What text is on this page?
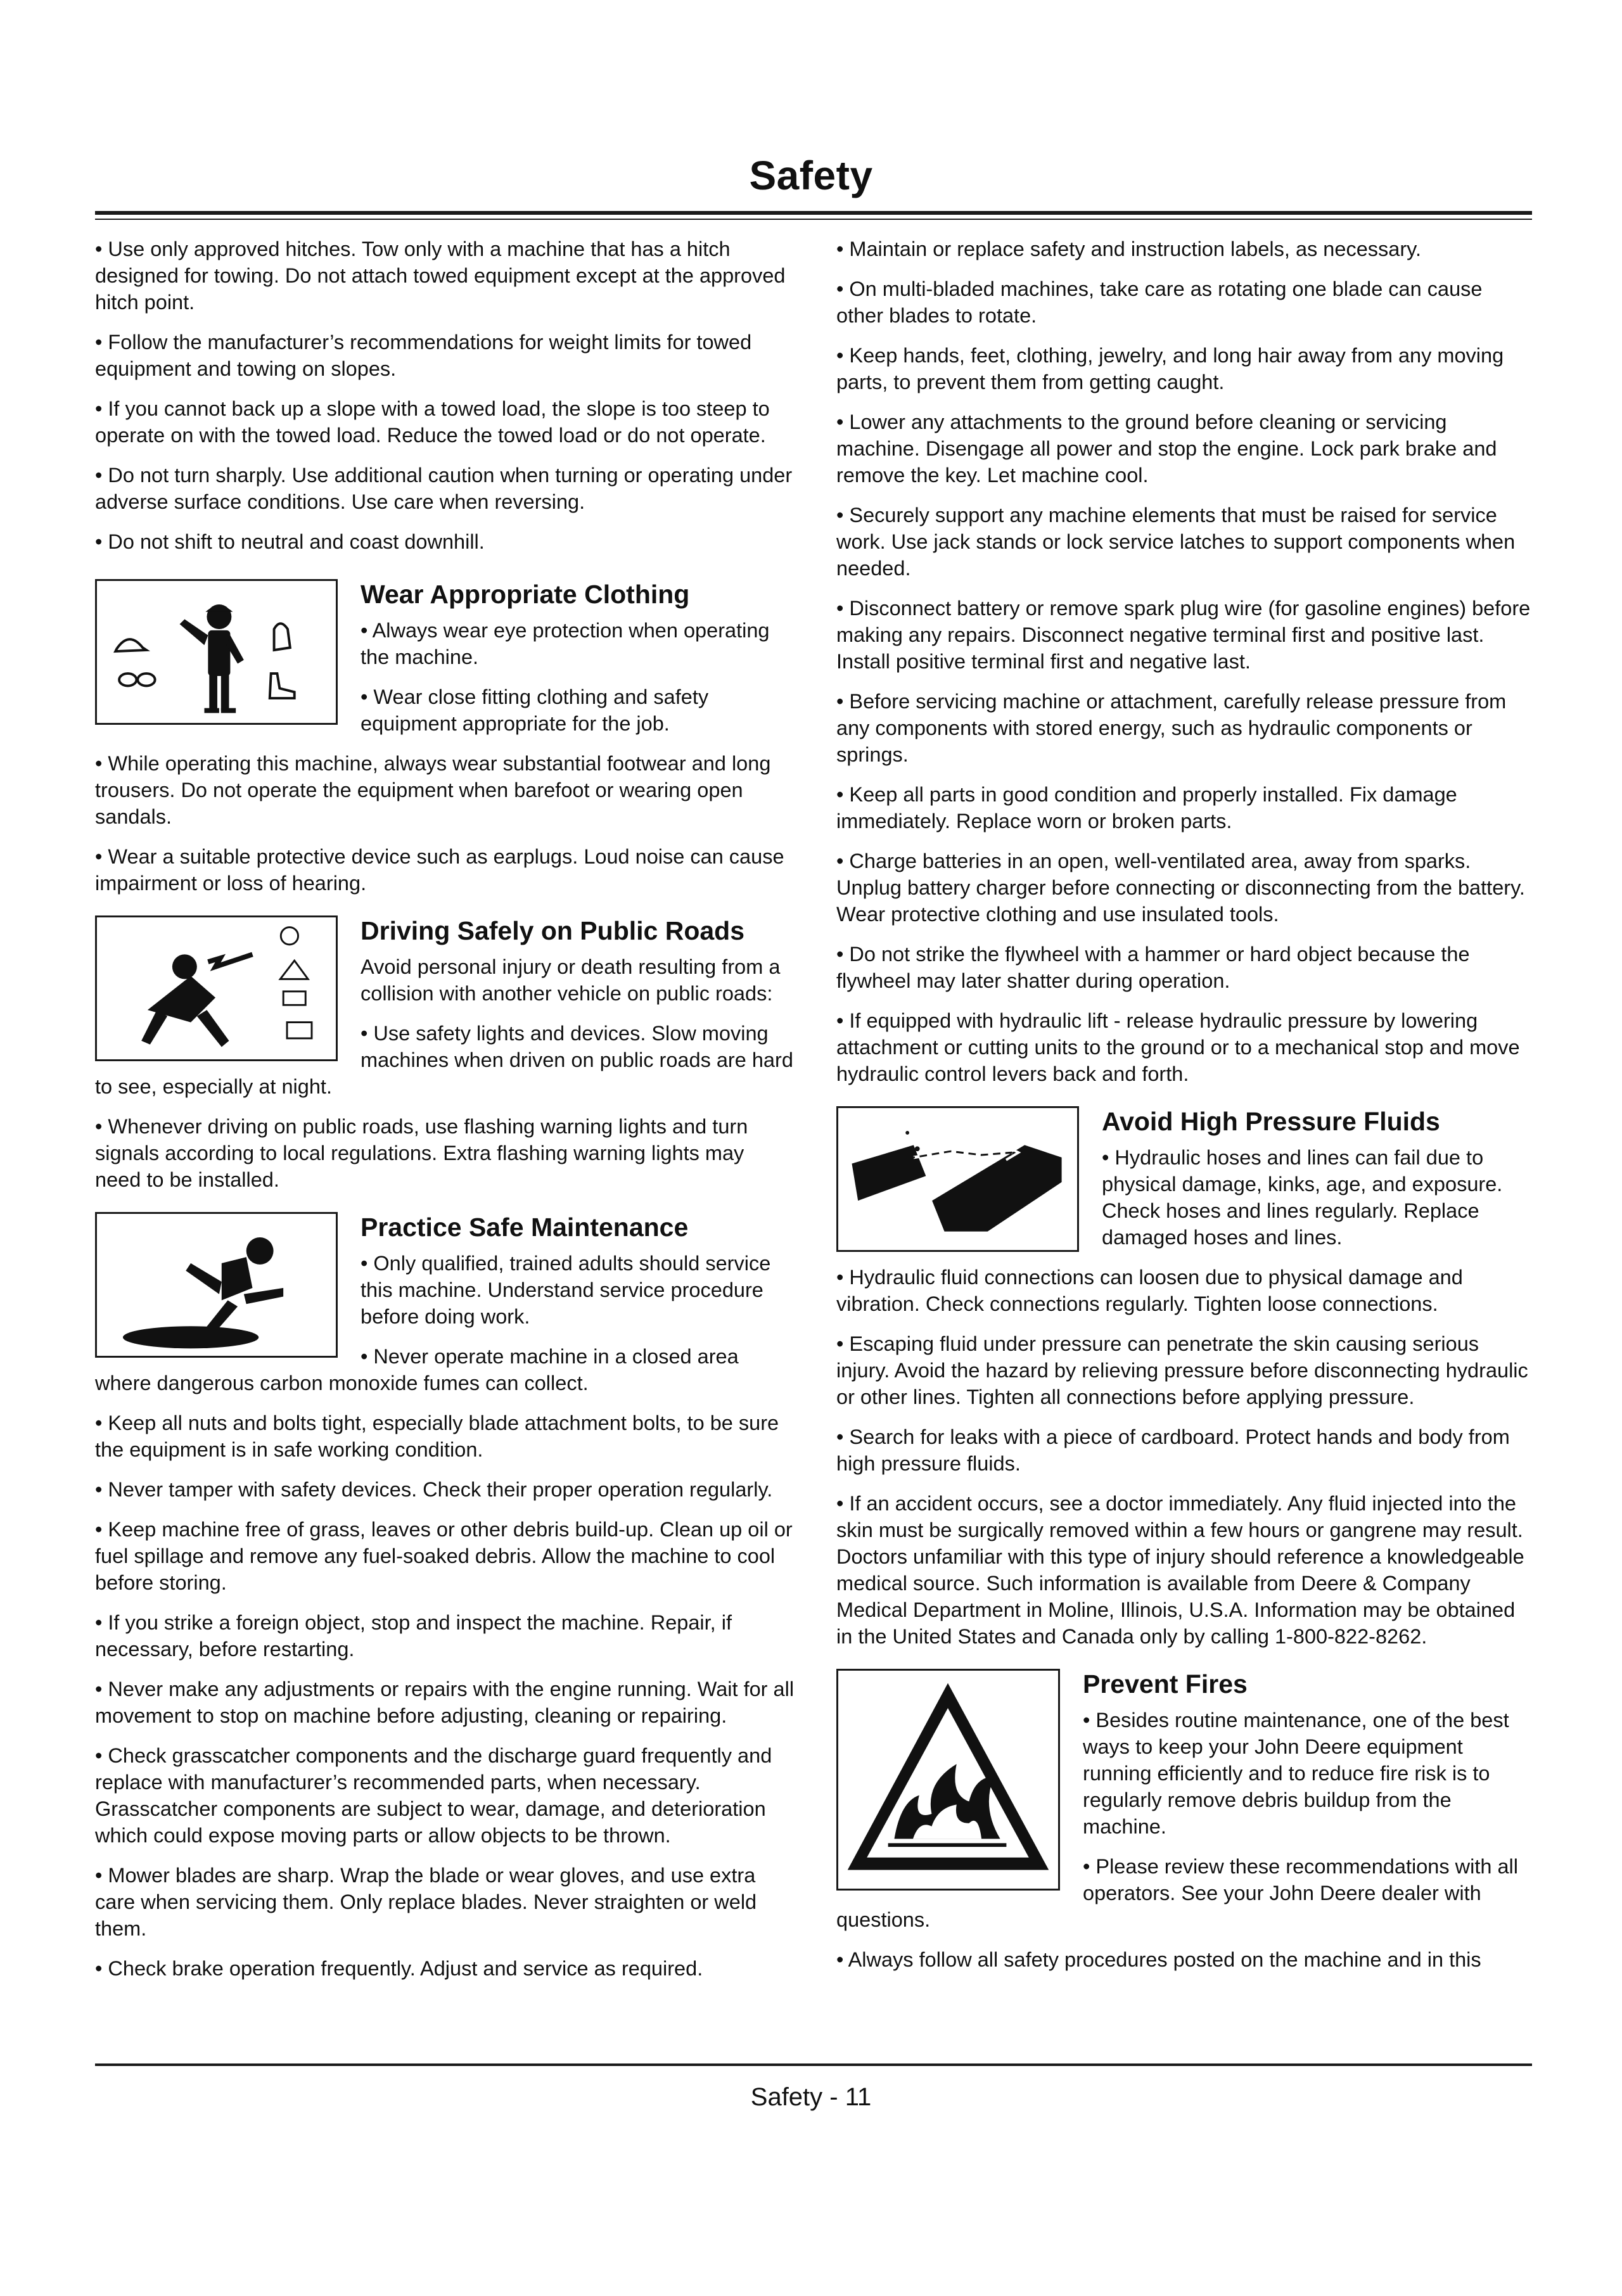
Safety

• Use only approved hitches. Tow only with a machine that has a hitch designed for towing. Do not attach towed equipment except at the approved hitch point.

• Follow the manufacturer’s recommendations for weight limits for towed equipment and towing on slopes.

• If you cannot back up a slope with a towed load, the slope is too steep to operate on with the towed load. Reduce the towed load or do not operate.

• Do not turn sharply. Use additional caution when turning or operating under adverse surface conditions. Use care when reversing.

• Do not shift to neutral and coast downhill.

Wear Appropriate Clothing

• Always wear eye protection when operating the machine.

• Wear close fitting clothing and safety equipment appropriate for the job.

• While operating this machine, always wear substantial footwear and long trousers. Do not operate the equipment when barefoot or wearing open sandals.

• Wear a suitable protective device such as earplugs. Loud noise can cause impairment or loss of hearing.

Driving Safely on Public Roads

Avoid personal injury or death resulting from a collision with another vehicle on public roads:

• Use safety lights and devices. Slow moving machines when driven on public roads are hard to see, especially at night.

• Whenever driving on public roads, use flashing warning lights and turn signals according to local regulations. Extra flashing warning lights may need to be installed.

Practice Safe Maintenance

• Only qualified, trained adults should service this machine. Understand service procedure before doing work.

• Never operate machine in a closed area where dangerous carbon monoxide fumes can collect.

• Keep all nuts and bolts tight, especially blade attachment bolts, to be sure the equipment is in safe working condition.

• Never tamper with safety devices. Check their proper operation regularly.

• Keep machine free of grass, leaves or other debris build-up. Clean up oil or fuel spillage and remove any fuel-soaked debris. Allow the machine to cool before storing.

• If you strike a foreign object, stop and inspect the machine. Repair, if necessary, before restarting.

• Never make any adjustments or repairs with the engine running. Wait for all movement to stop on machine before adjusting, cleaning or repairing.

• Check grasscatcher components and the discharge guard frequently and replace with manufacturer’s recommended parts, when necessary. Grasscatcher components are subject to wear, damage, and deterioration which could expose moving parts or allow objects to be thrown.

• Mower blades are sharp. Wrap the blade or wear gloves, and use extra care when servicing them. Only replace blades. Never straighten or weld them.

• Check brake operation frequently. Adjust and service as required.

• Maintain or replace safety and instruction labels, as necessary.

• On multi-bladed machines, take care as rotating one blade can cause other blades to rotate.

• Keep hands, feet, clothing, jewelry, and long hair away from any moving parts, to prevent them from getting caught.

• Lower any attachments to the ground before cleaning or servicing machine. Disengage all power and stop the engine. Lock park brake and remove the key. Let machine cool.

• Securely support any machine elements that must be raised for service work. Use jack stands or lock service latches to support components when needed.

• Disconnect battery or remove spark plug wire (for gasoline engines) before making any repairs. Disconnect negative terminal first and positive last. Install positive terminal first and negative last.

• Before servicing machine or attachment, carefully release pressure from any components with stored energy, such as hydraulic components or springs.

• Keep all parts in good condition and properly installed. Fix damage immediately. Replace worn or broken parts.

• Charge batteries in an open, well-ventilated area, away from sparks. Unplug battery charger before connecting or disconnecting from the battery. Wear protective clothing and use insulated tools.

• Do not strike the flywheel with a hammer or hard object because the flywheel may later shatter during operation.

• If equipped with hydraulic lift - release hydraulic pressure by lowering attachment or cutting units to the ground or to a mechanical stop and move hydraulic control levers back and forth.

Avoid High Pressure Fluids

• Hydraulic hoses and lines can fail due to physical damage, kinks, age, and exposure. Check hoses and lines regularly. Replace damaged hoses and lines.

• Hydraulic fluid connections can loosen due to physical damage and vibration. Check connections regularly. Tighten loose connections.

• Escaping fluid under pressure can penetrate the skin causing serious injury. Avoid the hazard by relieving pressure before disconnecting hydraulic or other lines. Tighten all connections before applying pressure.

• Search for leaks with a piece of cardboard. Protect hands and body from high pressure fluids.

• If an accident occurs, see a doctor immediately. Any fluid injected into the skin must be surgically removed within a few hours or gangrene may result. Doctors unfamiliar with this type of injury should reference a knowledgeable medical source. Such information is available from Deere & Company Medical Department in Moline, Illinois, U.S.A. Information may be obtained in the United States and Canada only by calling 1-800-822-8262.

Prevent Fires

• Besides routine maintenance, one of the best ways to keep your John Deere equipment running efficiently and to reduce fire risk is to regularly remove debris buildup from the machine.

• Please review these recommendations with all operators. See your John Deere dealer with questions.

• Always follow all safety procedures posted on the machine and in this

Safety - 11
